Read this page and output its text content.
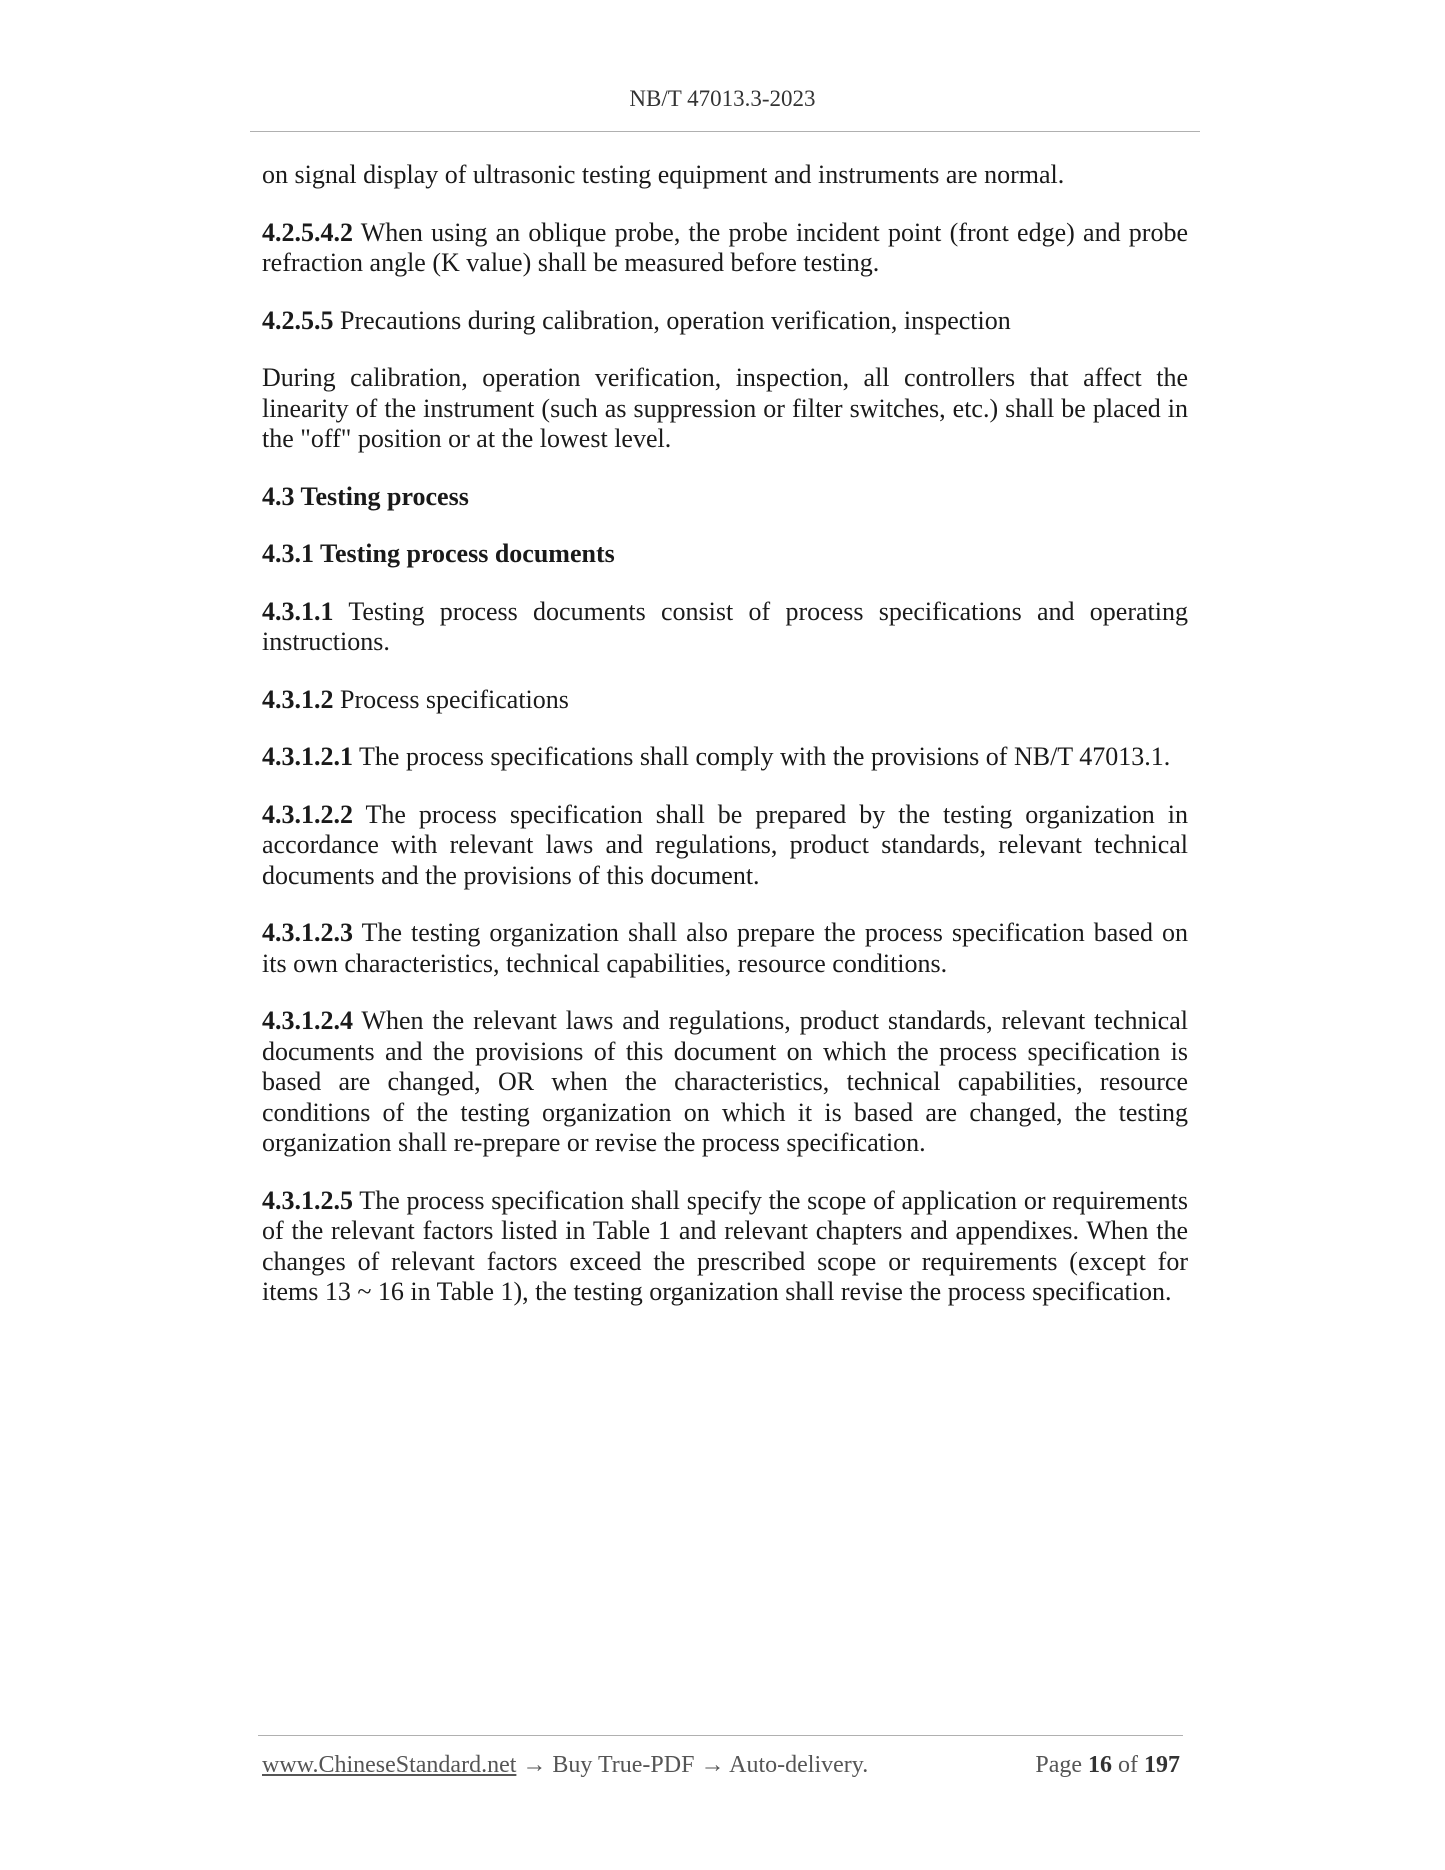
NB/T 47013.3-2023

on signal display of ultrasonic testing equipment and instruments are normal.

4.2.5.4.2 When using an oblique probe, the probe incident point (front edge) and probe refraction angle (K value) shall be measured before testing.

4.2.5.5 Precautions during calibration, operation verification, inspection

During calibration, operation verification, inspection, all controllers that affect the linearity of the instrument (such as suppression or filter switches, etc.) shall be placed in the "off" position or at the lowest level.

4.3 Testing process

4.3.1 Testing process documents

4.3.1.1 Testing process documents consist of process specifications and operating instructions.

4.3.1.2 Process specifications

4.3.1.2.1 The process specifications shall comply with the provisions of NB/T 47013.1.

4.3.1.2.2 The process specification shall be prepared by the testing organization in accordance with relevant laws and regulations, product standards, relevant technical documents and the provisions of this document.

4.3.1.2.3 The testing organization shall also prepare the process specification based on its own characteristics, technical capabilities, resource conditions.

4.3.1.2.4 When the relevant laws and regulations, product standards, relevant technical documents and the provisions of this document on which the process specification is based are changed, OR when the characteristics, technical capabilities, resource conditions of the testing organization on which it is based are changed, the testing organization shall re-prepare or revise the process specification.

4.3.1.2.5 The process specification shall specify the scope of application or requirements of the relevant factors listed in Table 1 and relevant chapters and appendixes. When the changes of relevant factors exceed the prescribed scope or requirements (except for items 13 ~ 16 in Table 1), the testing organization shall revise the process specification.

www.ChineseStandard.net → Buy True-PDF → Auto-delivery.	Page 16 of 197
